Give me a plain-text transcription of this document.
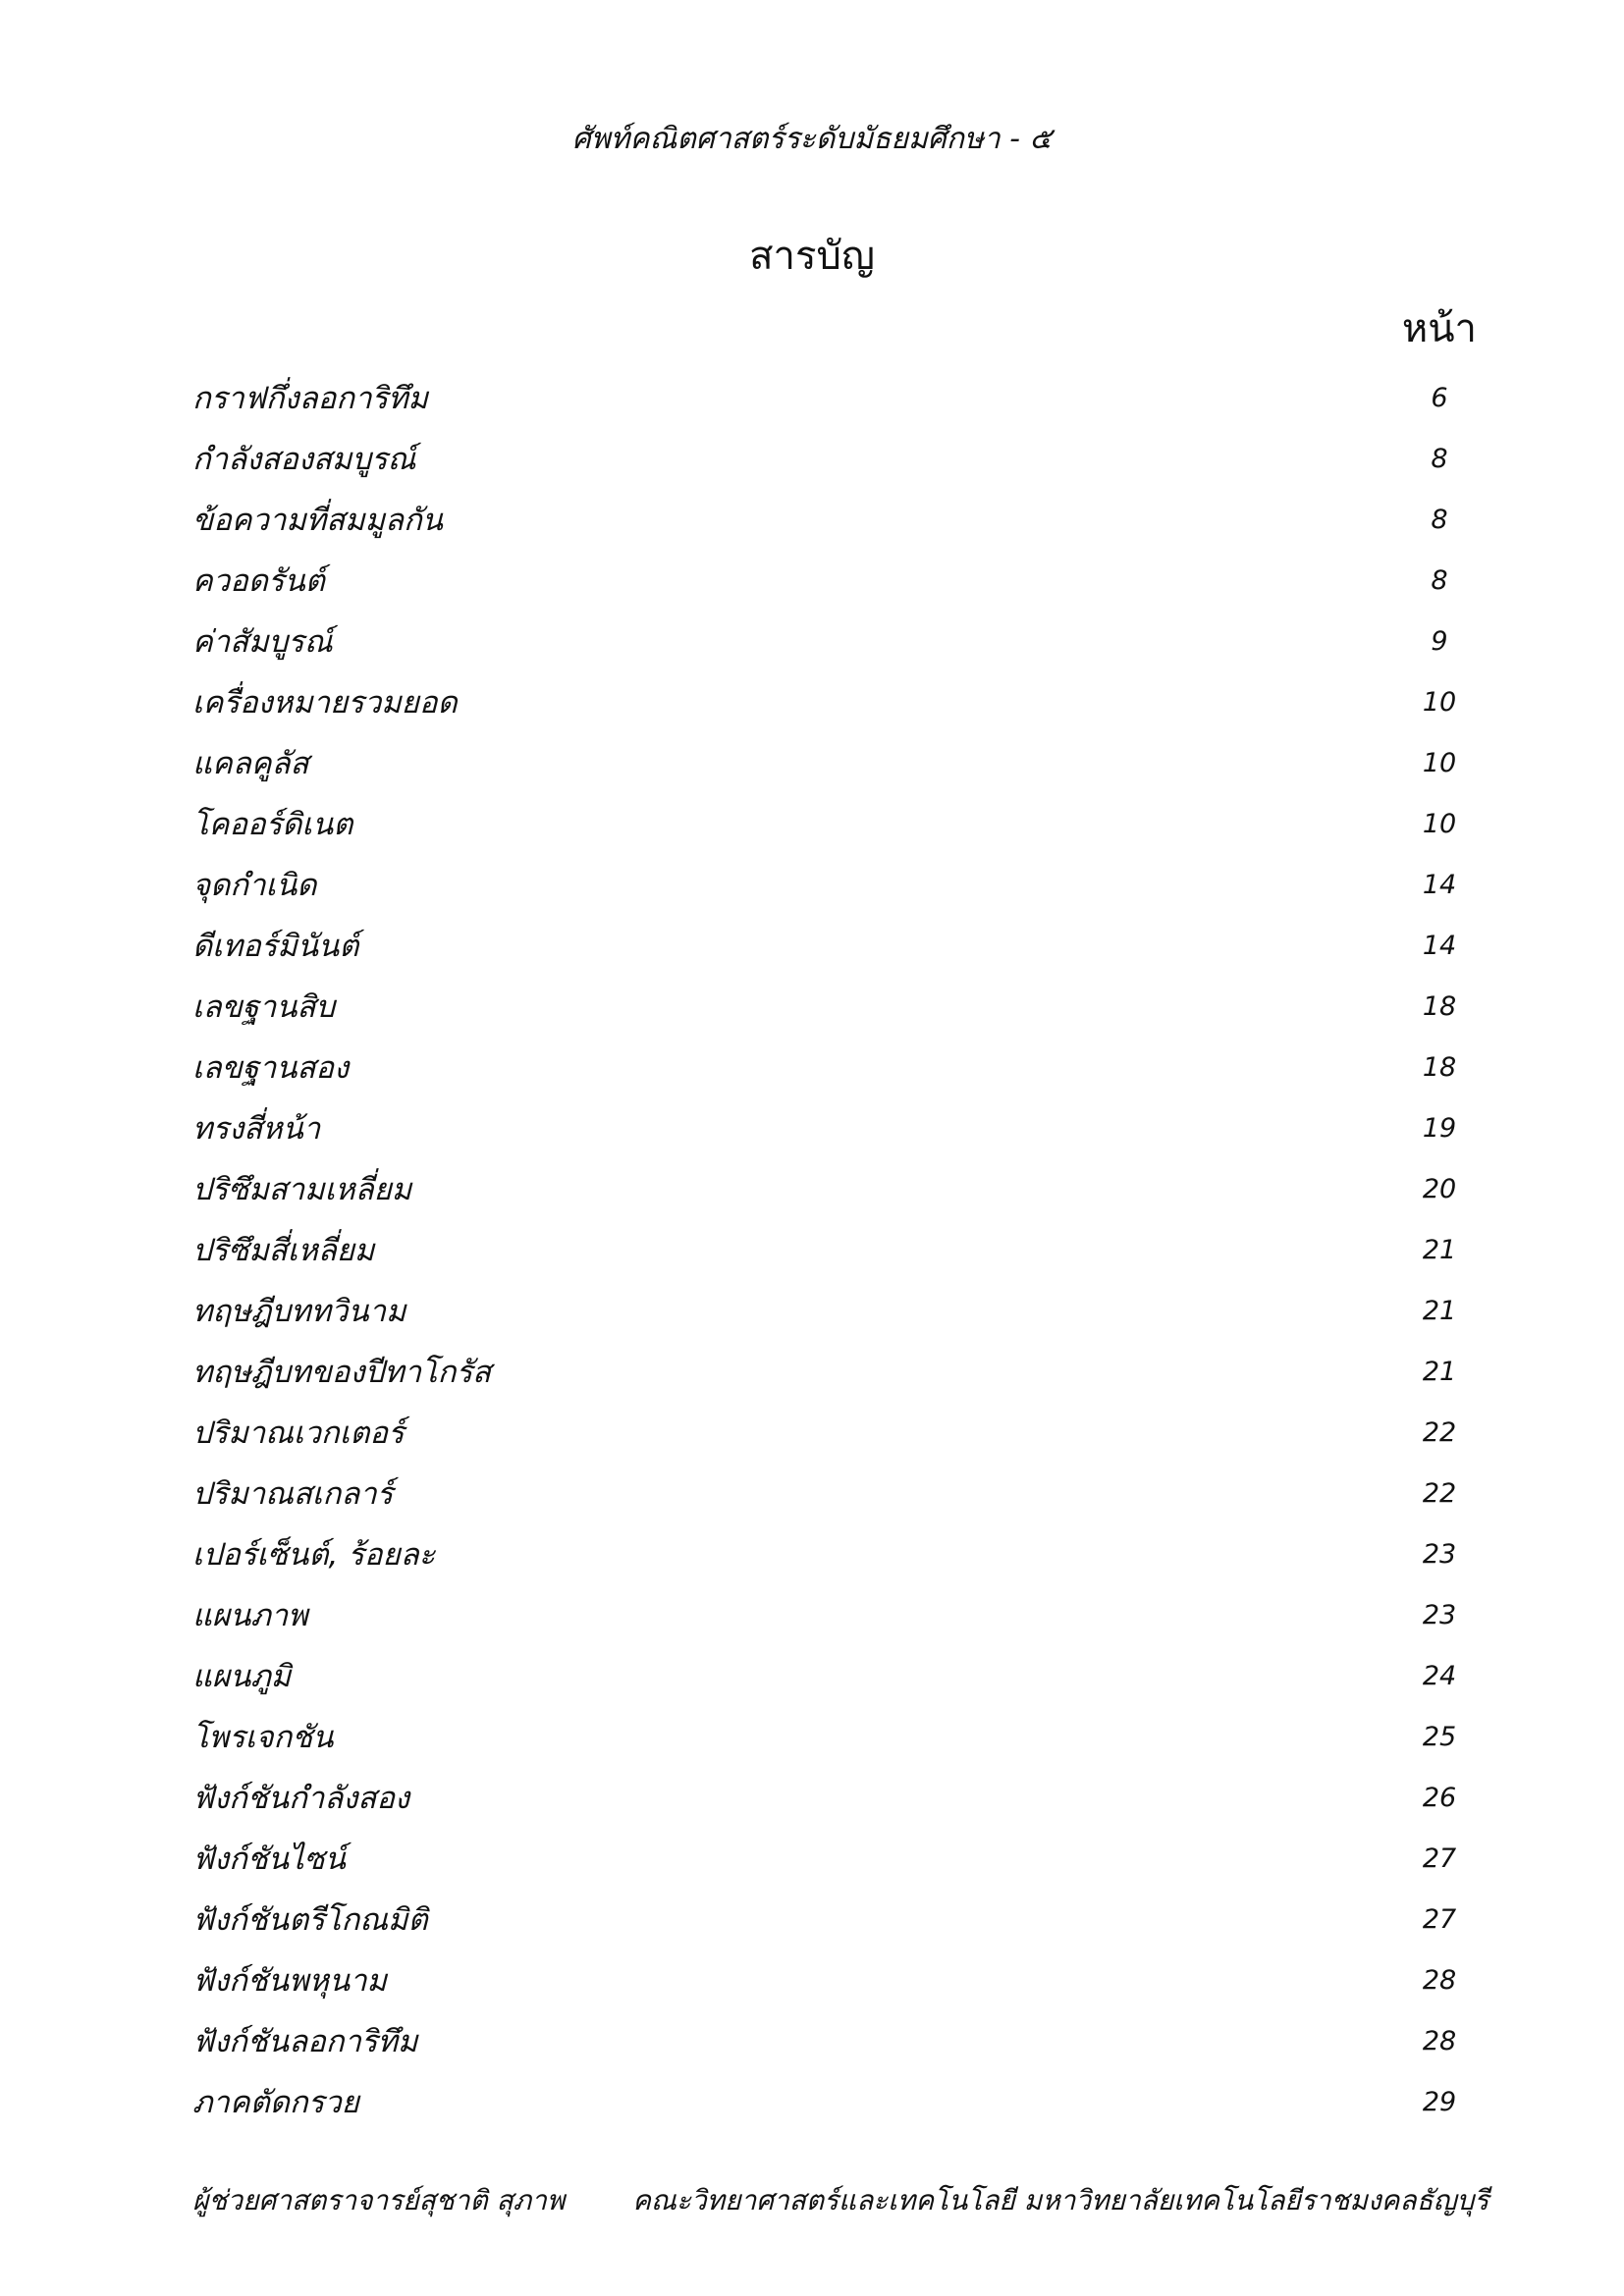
ศัพท์คณิตศาสตร์ระดับมัธยมศึกษา - ๕
สารบัญ
หน้า
กราฟกึ่งลอการิทึม	6
กำลังสองสมบูรณ์	8
ข้อความที่สมมูลกัน	8
ควอดรันต์	8
ค่าสัมบูรณ์	9
เครื่องหมายรวมยอด	10
แคลคูลัส	10
โคออร์ดิเนต	10
จุดกำเนิด	14
ดีเทอร์มินันต์	14
เลขฐานสิบ	18
เลขฐานสอง	18
ทรงสี่หน้า	19
ปริซึมสามเหลี่ยม	20
ปริซึมสี่เหลี่ยม	21
ทฤษฎีบททวินาม	21
ทฤษฎีบทของปีทาโกรัส	21
ปริมาณเวกเตอร์	22
ปริมาณสเกลาร์	22
เปอร์เซ็นต์, ร้อยละ	23
แผนภาพ	23
แผนภูมิ	24
โพรเจกชัน	25
ฟังก์ชันกำลังสอง	26
ฟังก์ชันไซน์	27
ฟังก์ชันตรีโกณมิติ	27
ฟังก์ชันพหุนาม	28
ฟังก์ชันลอการิทึม	28
ภาคตัดกรวย	29
ผู้ช่วยศาสตราจารย์สุชาติ สุภาพ คณะวิทยาศาสตร์และเทคโนโลยี มหาวิทยาลัยเทคโนโลยีราชมงคลธัญบุรี
